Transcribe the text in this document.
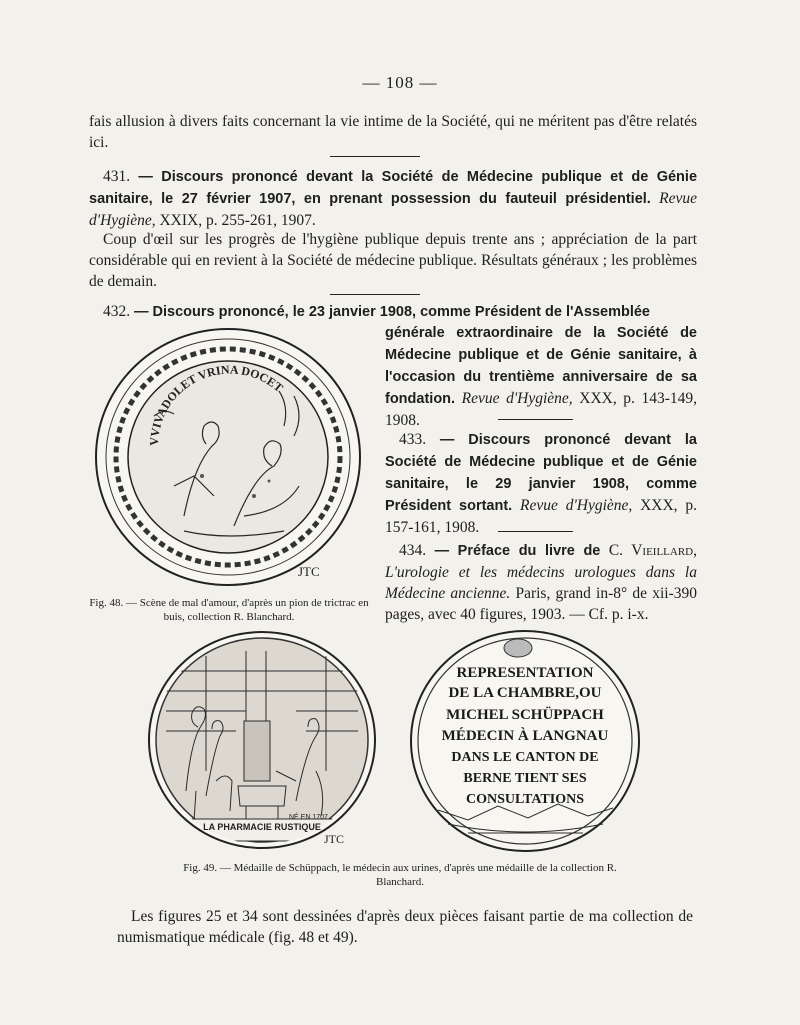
— 108 —

fais allusion à divers faits concernant la vie intime de la Société, qui ne méritent pas d'être relatés ici.

431. — Discours prononcé devant la Société de Médecine publique et de Génie sanitaire, le 27 février 1907, en prenant possession du fauteuil présidentiel. Revue d'Hygiène, XXIX, p. 255-261, 1907.

Coup d'œil sur les progrès de l'hygiène publique depuis trente ans ; appréciation de la part considérable qui en revient à la Société de médecine publique. Résultats généraux ; les problèmes de demain.

432. — Discours prononcé, le 23 janvier 1908, comme Président de l'Assemblée

générale extraordinaire de la Société de Médecine publique et de Génie sanitaire, à l'occasion du trentième anniversaire de sa fondation. Revue d'Hygiène, XXX, p. 143-149, 1908.

433. — Discours prononcé devant la Société de Médecine publique et de Génie sanitaire, le 29 janvier 1908, comme Président sortant. Revue d'Hygiène, XXX, p. 157-161, 1908.

434. — Préface du livre de C. Vieillard, L'urologie et les médecins urologues dans la Médecine ancienne. Paris, grand in-8° de xii-390 pages, avec 40 figures, 1903. — Cf. p. i-x.

VVIVADOLET VRINA DOCET
JTC
Fig. 48. — Scène de mal d'amour, d'après un pion de trictrac en buis, collection R. Blanchard.
NÉ EN 1707
LA PHARMACIE RUSTIQUE
JTC
REPRESENTATION
DE LA CHAMBRE,OU
MICHEL SCHÜPPACH
MÉDECIN À LANGNAU
DANS LE CANTON DE
BERNE TIENT SES
CONSULTATIONS
Fig. 49. — Médaille de Schüppach, le médecin aux urines, d'après une médaille de la collection R. Blanchard.

Les figures 25 et 34 sont dessinées d'après deux pièces faisant partie de ma collection de numismatique médicale (fig. 48 et 49).
